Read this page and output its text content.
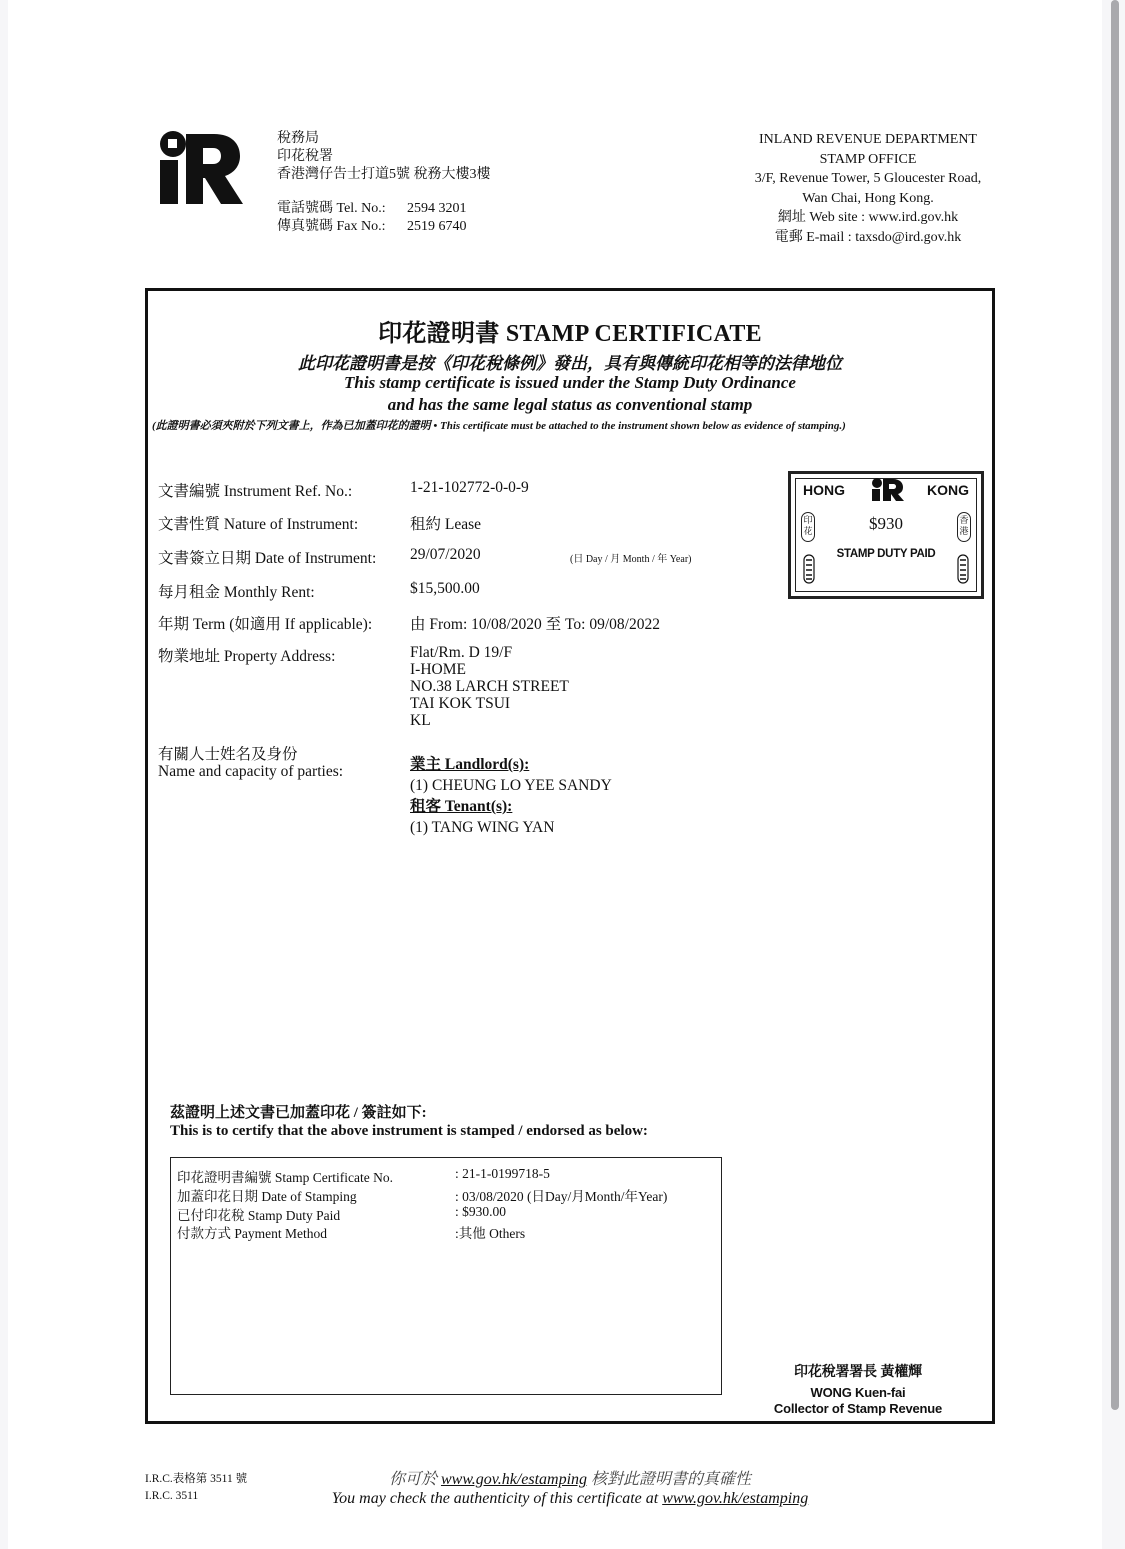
稅務局
印花稅署
香港灣仔告士打道5號 稅務大樓3樓
電話號碼 Tel. No.: 2594 3201
傳真號碼 Fax No.: 2519 6740
INLAND REVENUE DEPARTMENT
STAMP OFFICE
3/F, Revenue Tower, 5 Gloucester Road,
Wan Chai, Hong Kong.
網址 Web site : www.ird.gov.hk
電郵 E-mail : taxsdo@ird.gov.hk
印花證明書 STAMP CERTIFICATE
此印花證明書是按《印花稅條例》發出，具有與傳統印花相等的法律地位
This stamp certificate is issued under the Stamp Duty Ordinance
and has the same legal status as conventional stamp
(此證明書必須夾附於下列文書上，作為已加蓋印花的證明 • This certificate must be attached to the instrument shown below as evidence of stamping.)
文書編號 Instrument Ref. No.:	1-21-102772-0-0-9
文書性質 Nature of Instrument:	租約 Lease
文書簽立日期 Date of Instrument: 29/07/2020	(日 Day / 月 Month / 年 Year)
每月租金 Monthly Rent:	$15,500.00
年期 Term (如適用 If applicable): 由 From: 10/08/2020 至 To: 09/08/2022
物業地址 Property Address:	Flat/Rm. D 19/F
I-HOME
NO.38 LARCH STREET
TAI KOK TSUI
KL
有關人士姓名及身份
Name and capacity of parties:	業主 Landlord(s):
(1) CHEUNG LO YEE SANDY
租客 Tenant(s):
(1) TANG WING YAN
HONG	KONG
印花	$930	香港
STAMP DUTY PAID
茲證明上述文書已加蓋印花 / 簽註如下:
This is to certify that the above instrument is stamped / endorsed as below:
印花證明書編號 Stamp Certificate No.	: 21-1-0199718-5
加蓋印花日期 Date of Stamping	: 03/08/2020 (日Day/月Month/年Year)
已付印花稅 Stamp Duty Paid	: $930.00
付款方式 Payment Method	:其他 Others
印花稅署署長 黃權輝
WONG Kuen-fai
Collector of Stamp Revenue
I.R.C.表格第 3511 號
I.R.C. 3511
你可於 www.gov.hk/estamping 核對此證明書的真確性
You may check the authenticity of this certificate at www.gov.hk/estamping
